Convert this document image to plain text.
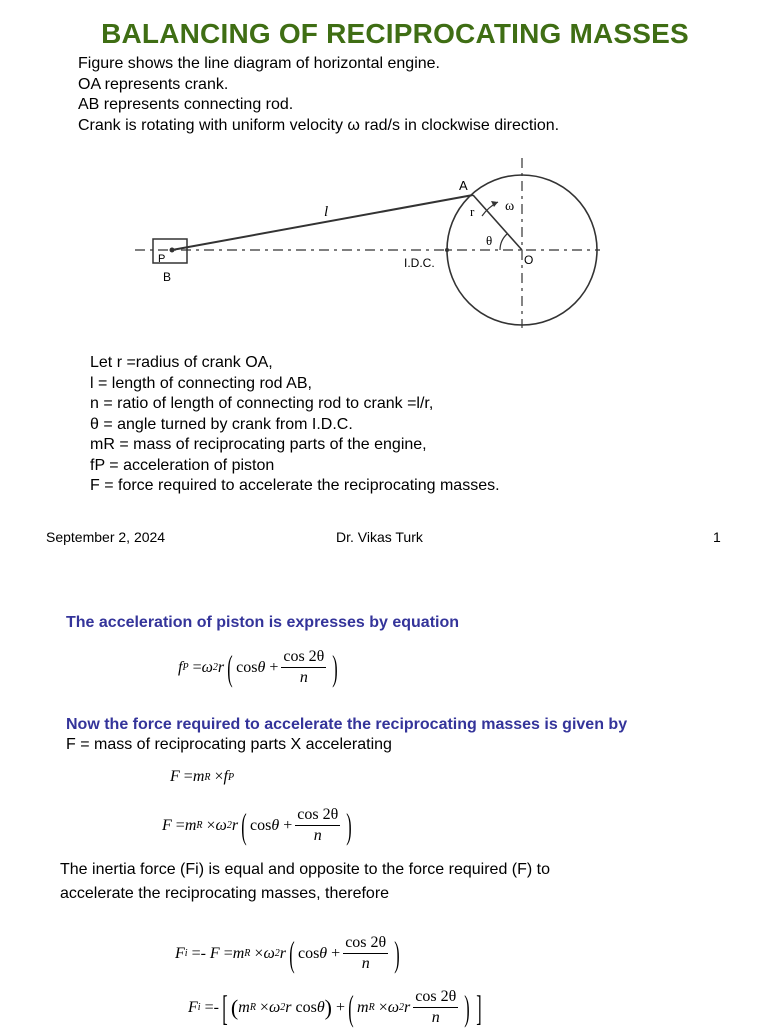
BALANCING OF RECIPROCATING MASSES
Figure shows the line diagram of horizontal engine.
OA represents crank.
AB represents connecting rod.
Crank is rotating with uniform velocity ω rad/s in clockwise direction.
A
l	r ω
θ
P
B
I.D.C.	O
Let r =radius of crank OA,
l = length of connecting rod AB,
n = ratio of length of connecting rod to crank =l/r,
θ = angle turned by crank from I.D.C.
mR = mass of reciprocating parts of the engine,
fP = acceleration of piston
F = force required to accelerate the reciprocating masses.
September 2, 2024	Dr. Vikas Turk	1
The acceleration of piston is expresses by equation
f P
= ω 2 r ( $\cos \theta + \frac{\cos 2\theta}{n}$ )
Now the force required to accelerate the reciprocating masses is given by
F = mass of reciprocating parts X accelerating
F = m R
× f P
F = m R
× ω 2 r ( $\cos \theta + \frac{\cos 2\theta}{n}$ )
The inertia force (Fi) is equal and opposite to the force required (F) to
accelerate the reciprocating masses, therefore
F i
=- F = m R
× ω 2 r ( $\cos \theta + \frac{\cos 2\theta}{n}$ )
F i
=- [ ( m R
× ω 2 r cos θ )
+ ( m R
× ω 2 r $\frac{\cos 2\theta}{n}$ ) ]
